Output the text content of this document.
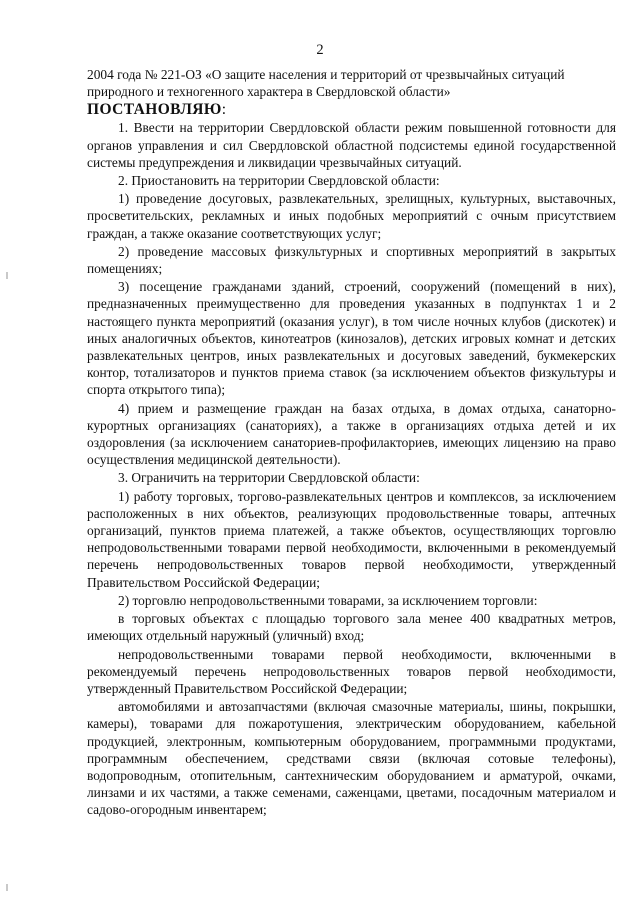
2

2004 года № 221-ОЗ «О защите населения и территорий от чрезвычайных ситуаций природного и техногенного характера в Свердловской области»

ПОСТАНОВЛЯЮ:

1. Ввести на территории Свердловской области режим повышенной готовности для органов управления и сил Свердловской областной подсистемы единой государственной системы предупреждения и ликвидации чрезвычайных ситуаций.

2. Приостановить на территории Свердловской области:

1) проведение досуговых, развлекательных, зрелищных, культурных, выставочных, просветительских, рекламных и иных подобных мероприятий с очным присутствием граждан, а также оказание соответствующих услуг;

2) проведение массовых физкультурных и спортивных мероприятий в закрытых помещениях;

3) посещение гражданами зданий, строений, сооружений (помещений в них), предназначенных преимущественно для проведения указанных в подпунктах 1 и 2 настоящего пункта мероприятий (оказания услуг), в том числе ночных клубов (дискотек) и иных аналогичных объектов, кинотеатров (кинозалов), детских игровых комнат и детских развлекательных центров, иных развлекательных и досуговых заведений, букмекерских контор, тотализаторов и пунктов приема ставок (за исключением объектов физкультуры и спорта открытого типа);

4) прием и размещение граждан на базах отдыха, в домах отдыха, санаторно-курортных организациях (санаториях), а также в организациях отдыха детей и их оздоровления (за исключением санаториев-профилакториев, имеющих лицензию на право осуществления медицинской деятельности).

3. Ограничить на территории Свердловской области:

1) работу торговых, торгово-развлекательных центров и комплексов, за исключением расположенных в них объектов, реализующих продовольственные товары, аптечных организаций, пунктов приема платежей, а также объектов, осуществляющих торговлю непродовольственными товарами первой необходимости, включенными в рекомендуемый перечень непродовольственных товаров первой необходимости, утвержденный Правительством Российской Федерации;

2) торговлю непродовольственными товарами, за исключением торговли:

в торговых объектах с площадью торгового зала менее 400 квадратных метров, имеющих отдельный наружный (уличный) вход;

непродовольственными товарами первой необходимости, включенными в рекомендуемый перечень непродовольственных товаров первой необходимости, утвержденный Правительством Российской Федерации;

автомобилями и автозапчастями (включая смазочные материалы, шины, покрышки, камеры), товарами для пожаротушения, электрическим оборудованием, кабельной продукцией, электронным, компьютерным оборудованием, программными продуктами, программным обеспечением, средствами связи (включая сотовые телефоны), водопроводным, отопительным, сантехническим оборудованием и арматурой, очками, линзами и их частями, а также семенами, саженцами, цветами, посадочным материалом и садово-огородным инвентарем;
